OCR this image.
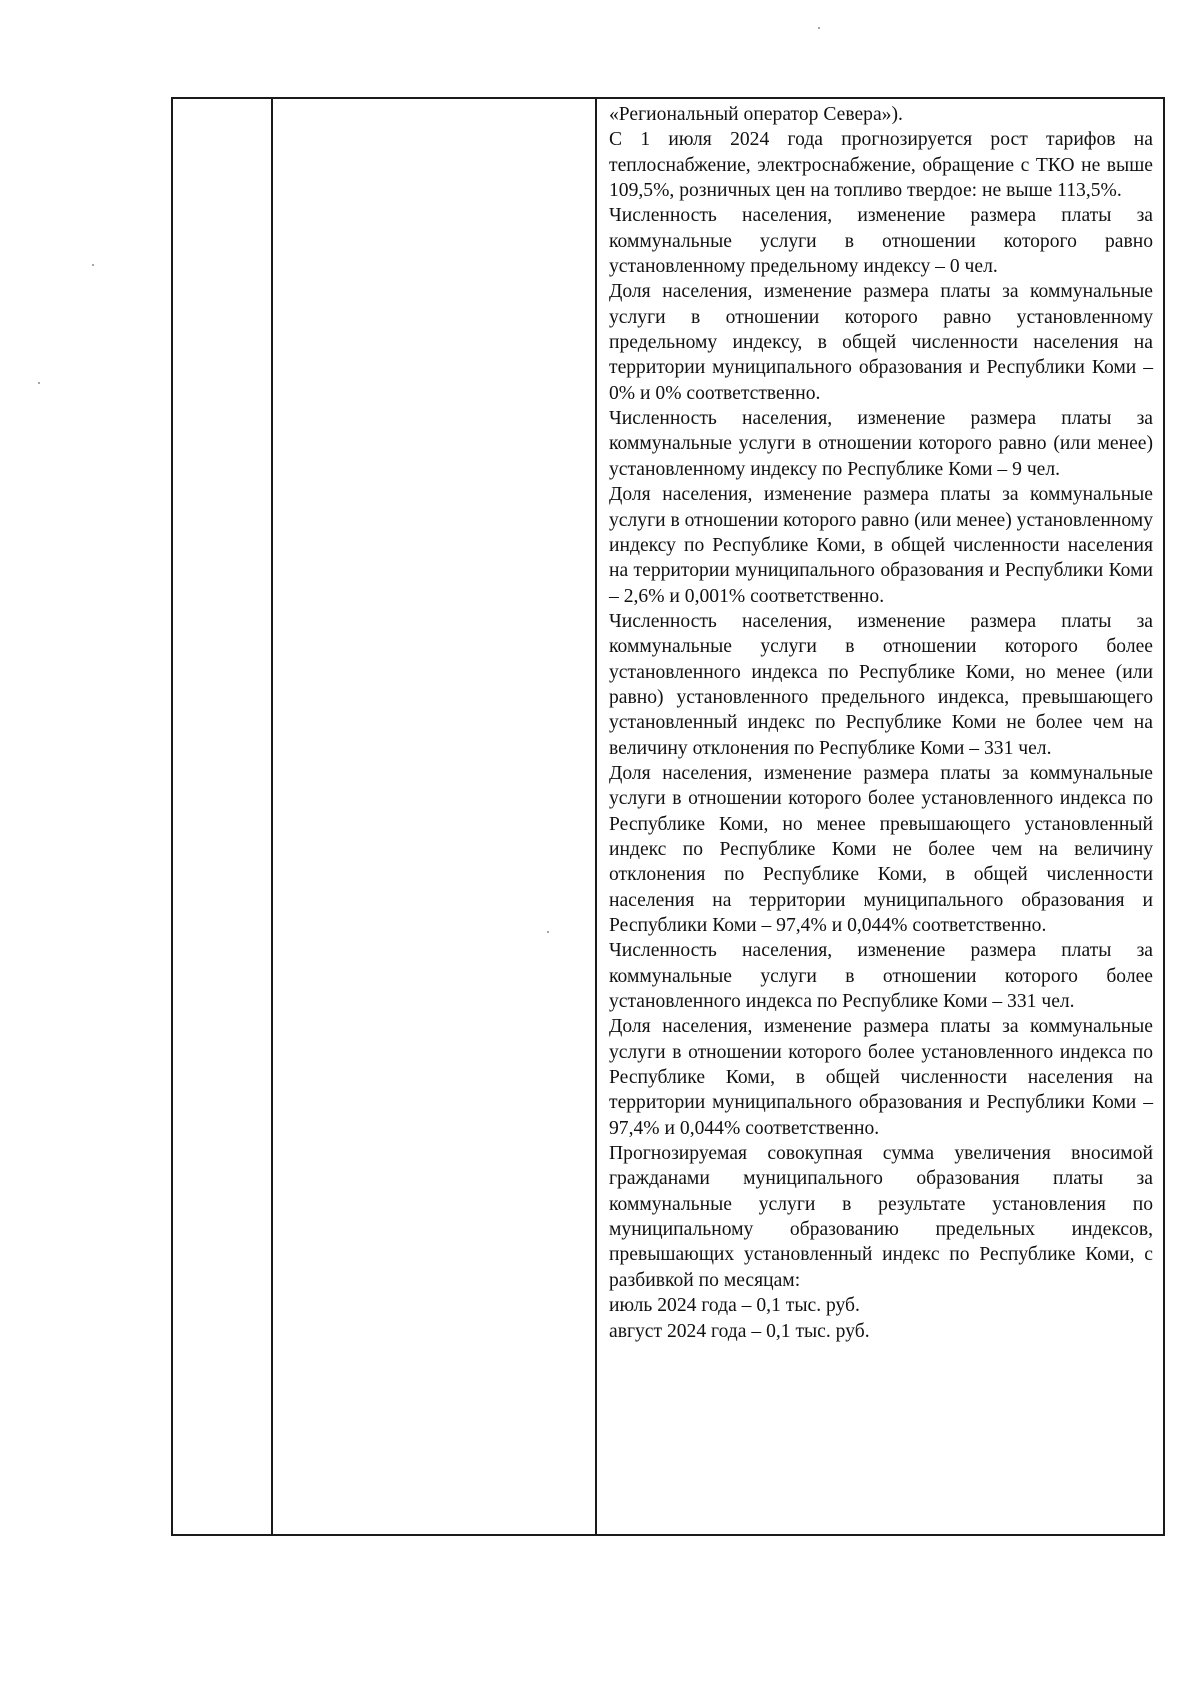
«Региональный оператор Севера»).

С 1 июля 2024 года прогнозируется рост тарифов на теплоснабжение, электроснабжение, обращение с ТКО не выше 109,5%, розничных цен на топливо твердое: не выше 113,5%.

Численность населения, изменение размера платы за коммунальные услуги в отношении которого равно установленному предельному индексу – 0 чел.

Доля населения, изменение размера платы за коммунальные услуги в отношении которого равно установленному предельному индексу, в общей численности населения на территории муниципального образования и Республики Коми – 0% и 0% соответственно.

Численность населения, изменение размера платы за коммунальные услуги в отношении которого равно (или менее) установленному индексу по Республике Коми – 9 чел.

Доля населения, изменение размера платы за коммунальные услуги в отношении которого равно (или менее) установленному индексу по Республике Коми, в общей численности населения на территории муниципального образования и Республики Коми – 2,6% и 0,001% соответственно.

Численность населения, изменение размера платы за коммунальные услуги в отношении которого более установленного индекса по Республике Коми, но менее (или равно) установленного предельного индекса, превышающего установленный индекс по Республике Коми не более чем на величину отклонения по Республике Коми – 331 чел.

Доля населения, изменение размера платы за коммунальные услуги в отношении которого более установленного индекса по Республике Коми, но менее превышающего установленный индекс по Республике Коми не более чем на величину отклонения по Республике Коми, в общей численности населения на территории муниципального образования и Республики Коми – 97,4% и 0,044% соответственно.

Численность населения, изменение размера платы за коммунальные услуги в отношении которого более установленного индекса по Республике Коми – 331 чел.

Доля населения, изменение размера платы за коммунальные услуги в отношении которого более установленного индекса по Республике Коми, в общей численности населения на территории муниципального образования и Республики Коми – 97,4% и 0,044% соответственно.

Прогнозируемая совокупная сумма увеличения вносимой гражданами муниципального образования платы за коммунальные услуги в результате установления по муниципальному образованию предельных индексов, превышающих установленный индекс по Республике Коми, с разбивкой по месяцам:

июль 2024 года – 0,1 тыс. руб.

август 2024 года – 0,1 тыс. руб.
